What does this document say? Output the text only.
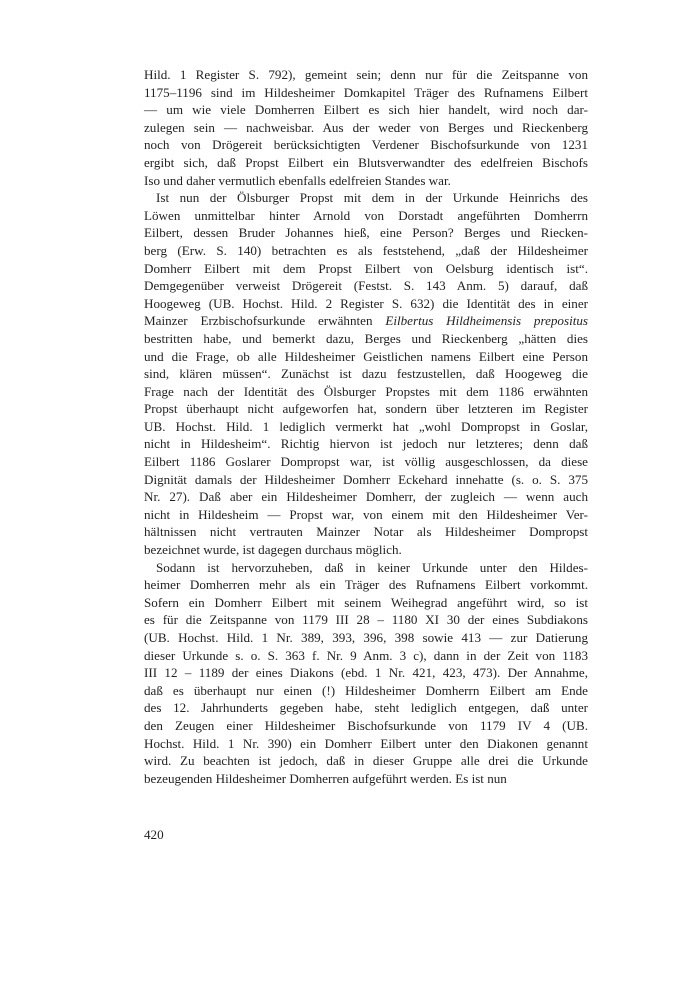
Hild. 1 Register S. 792), gemeint sein; denn nur für die Zeitspanne von
1175–1196 sind im Hildesheimer Domkapitel Träger des Rufnamens Eilbert
— um wie viele Domherren Eilbert es sich hier handelt, wird noch dar-
zulegen sein — nachweisbar. Aus der weder von Berges und Rieckenberg
noch von Drögereit berücksichtigten Verdener Bischofsurkunde von 1231
ergibt sich, daß Propst Eilbert ein Blutsverwandter des edelfreien Bischofs
Iso und daher vermutlich ebenfalls edelfreien Standes war.
Ist nun der Ölsburger Propst mit dem in der Urkunde Heinrichs des
Löwen unmittelbar hinter Arnold von Dorstadt angeführten Domherrn
Eilbert, dessen Bruder Johannes hieß, eine Person? Berges und Riecken-
berg (Erw. S. 140) betrachten es als feststehend, „daß der Hildesheimer
Domherr Eilbert mit dem Propst Eilbert von Oelsburg identisch ist“.
Demgegenüber verweist Drögereit (Festst. S. 143 Anm. 5) darauf, daß
Hoogeweg (UB. Hochst. Hild. 2 Register S. 632) die Identität des in einer
Mainzer Erzbischofsurkunde erwähnten Eilbertus Hildheimensis prepositus
bestritten habe, und bemerkt dazu, Berges und Rieckenberg „hätten dies
und die Frage, ob alle Hildesheimer Geistlichen namens Eilbert eine Person
sind, klären müssen“. Zunächst ist dazu festzustellen, daß Hoogeweg die
Frage nach der Identität des Ölsburger Propstes mit dem 1186 erwähnten
Propst überhaupt nicht aufgeworfen hat, sondern über letzteren im Register
UB. Hochst. Hild. 1 lediglich vermerkt hat „wohl Dompropst in Goslar,
nicht in Hildesheim“. Richtig hiervon ist jedoch nur letzteres; denn daß
Eilbert 1186 Goslarer Dompropst war, ist völlig ausgeschlossen, da diese
Dignität damals der Hildesheimer Domherr Eckehard innehatte (s. o. S. 375
Nr. 27). Daß aber ein Hildesheimer Domherr, der zugleich — wenn auch
nicht in Hildesheim — Propst war, von einem mit den Hildesheimer Ver-
hältnissen nicht vertrauten Mainzer Notar als Hildesheimer Dompropst
bezeichnet wurde, ist dagegen durchaus möglich.
Sodann ist hervorzuheben, daß in keiner Urkunde unter den Hildes-
heimer Domherren mehr als ein Träger des Rufnamens Eilbert vorkommt.
Sofern ein Domherr Eilbert mit seinem Weihegrad angeführt wird, so ist
es für die Zeitspanne von 1179 III 28 – 1180 XI 30 der eines Subdiakons
(UB. Hochst. Hild. 1 Nr. 389, 393, 396, 398 sowie 413 — zur Datierung
dieser Urkunde s. o. S. 363 f. Nr. 9 Anm. 3 c), dann in der Zeit von 1183
III 12 – 1189 der eines Diakons (ebd. 1 Nr. 421, 423, 473). Der Annahme,
daß es überhaupt nur einen (!) Hildesheimer Domherrn Eilbert am Ende
des 12. Jahrhunderts gegeben habe, steht lediglich entgegen, daß unter
den Zeugen einer Hildesheimer Bischofsurkunde von 1179 IV 4 (UB.
Hochst. Hild. 1 Nr. 390) ein Domherr Eilbert unter den Diakonen genannt
wird. Zu beachten ist jedoch, daß in dieser Gruppe alle drei die Urkunde
bezeugenden Hildesheimer Domherren aufgeführt werden. Es ist nun
420
